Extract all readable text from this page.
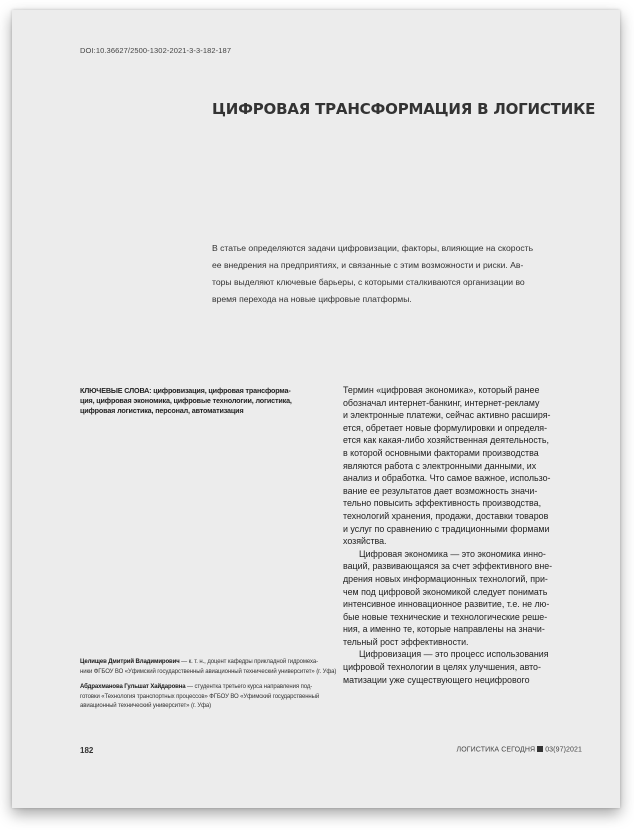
DOI:10.36627/2500-1302-2021-3-3-182-187
ЦИФРОВАЯ ТРАНСФОРМАЦИЯ В ЛОГИСТИКЕ
В статье определяются задачи цифровизации, факторы, влияющие на скорость
ее внедрения на предприятиях, и связанные с этим возможности и риски. Ав-
торы выделяют ключевые барьеры, с которыми сталкиваются организации во
время перехода на новые цифровые платформы.
КЛЮЧЕВЫЕ СЛОВА: цифровизация, цифровая трансформа-
ция, цифровая экономика, цифровые технологии, логистика,
цифровая логистика, персонал, автоматизация
Термин «цифровая экономика», который ранее
обозначал интернет-банкинг, интернет-рекламу
и электронные платежи, сейчас активно расширя-
ется, обретает новые формулировки и определя-
ется как какая-либо хозяйственная деятельность,
в которой основными факторами производства
являются работа с электронными данными, их
анализ и обработка. Что самое важное, использо-
вание ее результатов дает возможность значи-
тельно повысить эффективность производства,
технологий хранения, продажи, доставки товаров
и услуг по сравнению с традиционными формами
хозяйства.
Цифровая экономика — это экономика инно-
ваций, развивающаяся за счет эффективного вне-
дрения новых информационных технологий, при-
чем под цифровой экономикой следует понимать
интенсивное инновационное развитие, т.е. не лю-
бые новые технические и технологические реше-
ния, а именно те, которые направлены на значи-
тельный рост эффективности.
Цифровизация — это процесс использования
цифровой технологии в целях улучшения, авто-
матизации уже существующего нецифрового
Целищев Дмитрий Владимирович — к. т. н., доцент кафедры прикладной гидромеха-
ники ФГБОУ ВО «Уфимский государственный авиационный технический университет» (г. Уфа)
Абдрахманова Гульшат Хайдаровна — студентка третьего курса направления под-
готовки «Технология транспортных процессов» ФГБОУ ВО «Уфимский государственный
авиационный технический университет» (г. Уфа)
182	ЛОГИСТИКА СЕГОДНЯ 03(97)2021
